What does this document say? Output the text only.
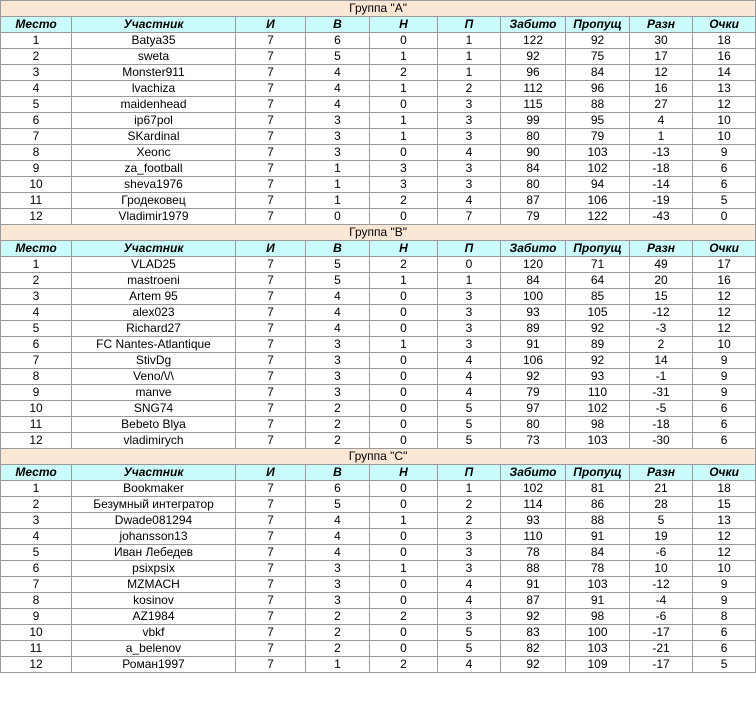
Группа "A"									
Место	Участник	И	В	Н	П	Забито	Пропущ	Разн	Очки
1	Batya35	7	6	0	1	122	92	30	18
2	sweta	7	5	1	1	92	75	17	16
3	Monster911	7	4	2	1	96	84	12	14
4	lvachiza	7	4	1	2	112	96	16	13
5	maidenhead	7	4	0	3	115	88	27	12
6	ip67pol	7	3	1	3	99	95	4	10
7	SKardinal	7	3	1	3	80	79	1	10
8	Xeonc	7	3	0	4	90	103	-13	9
9	za_football	7	1	3	3	84	102	-18	6
10	sheva1976	7	1	3	3	80	94	-14	6
11	Гродековец	7	1	2	4	87	106	-19	5
12	Vladimir1979	7	0	0	7	79	122	-43	0
Группа "B"									
Место	Участник	И	В	Н	П	Забито	Пропущ	Разн	Очки
1	VLAD25	7	5	2	0	120	71	49	17
2	mastroeni	7	5	1	1	84	64	20	16
3	Artem 95	7	4	0	3	100	85	15	12
4	alex023	7	4	0	3	93	105	-12	12
5	Richard27	7	4	0	3	89	92	-3	12
6	FC Nantes-Atlantique	7	3	1	3	91	89	2	10
7	StivDg	7	3	0	4	106	92	14	9
8	Veno/\/\	7	3	0	4	92	93	-1	9
9	manve	7	3	0	4	79	110	-31	9
10	SNG74	7	2	0	5	97	102	-5	6
11	Bebeto Blya	7	2	0	5	80	98	-18	6
12	vladimirych	7	2	0	5	73	103	-30	6
Группа "C"									
Место	Участник	И	В	Н	П	Забито	Пропущ	Разн	Очки
1	Bookmaker	7	6	0	1	102	81	21	18
2	Безумный интегратор	7	5	0	2	114	86	28	15
3	Dwade081294	7	4	1	2	93	88	5	13
4	johansson13	7	4	0	3	110	91	19	12
5	Иван Лебедев	7	4	0	3	78	84	-6	12
6	psixpsix	7	3	1	3	88	78	10	10
7	MZMACH	7	3	0	4	91	103	-12	9
8	kosinov	7	3	0	4	87	91	-4	9
9	AZ1984	7	2	2	3	92	98	-6	8
10	vbkf	7	2	0	5	83	100	-17	6
11	a_belenov	7	2	0	5	82	103	-21	6
12	Роман1997	7	1	2	4	92	109	-17	5
